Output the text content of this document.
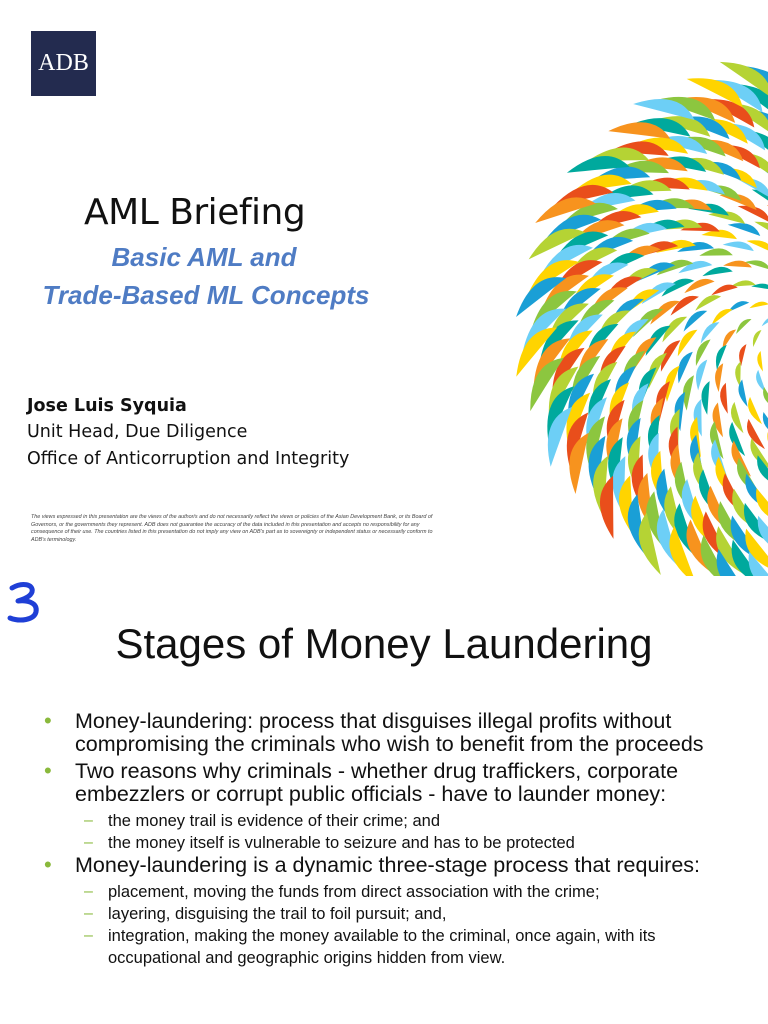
ADB
AML Briefing
Basic AML and
Trade-Based ML Concepts
Jose Luis Syquia
Unit Head, Due Diligence
Office of Anticorruption and Integrity
The views expressed in this presentation are the views of the author/s and do not necessarily reflect the views or policies of the Asian Development Bank, or its Board of Governors, or the governments they represent. ADB does not guarantee the accuracy of the data included in this presentation and accepts no responsibility for any consequence of their use. The countries listed in this presentation do not imply any view on ADB's part as to sovereignty or independent status or necessarily conform to ADB's terminology.
Stages of Money Laundering
• Money-laundering: process that disguises illegal profits without compromising the criminals who wish to benefit from the proceeds
• Two reasons why criminals - whether drug traffickers, corporate embezzlers or corrupt public officials - have to launder money:
– the money trail is evidence of their crime; and
– the money itself is vulnerable to seizure and has to be protected
• Money-laundering is a dynamic three-stage process that requires:
– placement, moving the funds from direct association with the crime;
– layering, disguising the trail to foil pursuit; and,
– integration, making the money available to the criminal, once again, with its occupational and geographic origins hidden from view.
